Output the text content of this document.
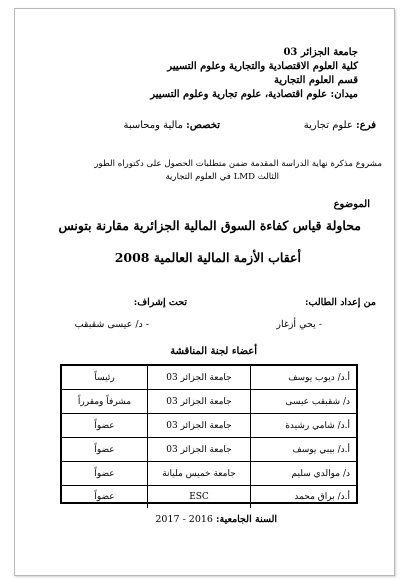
جامعة الجزائر 03
كلية العلوم الاقتصادية والتجارية وعلوم التسيير
قسم العلوم التجارية
ميدان: علوم اقتصادية، علوم تجارية وعلوم التسيير
فرع: علوم تجارية
تخصص: مالية ومحاسبة
مشروع مذكرة نهاية الدراسة المقدمة ضمن متطلبات الحصول على دكتوراه الطور
الثالث LMD في العلوم التجارية
الموضوع
محاولة قياس كفاءة السوق المالية الجزائرية مقارنة بتونس
أعقاب الأزمة المالية العالمية 2008
من إعداد الطالب:
- يحي أزغار
تحت إشراف:
- د/ عيسى شقبقب
أعضاء لجنة المناقشة
أ.د/ ديوب يوسف
جامعة الجزائر 03
رئيساً
د/ شقبقب عيسى
جامعة الجزائر 03
مشرفاً ومقرراً
أ.د/ شامي رشيدة
جامعة الجزائر 03
عضواً
أ.د/ بيبي يوسف
جامعة الجزائر 03
عضواً
د/ موالدي سليم
جامعة خميس مليانة
عضواً
أ.د/ براق محمد
ESC
عضواً
السنة الجامعية: 2016 - 2017
